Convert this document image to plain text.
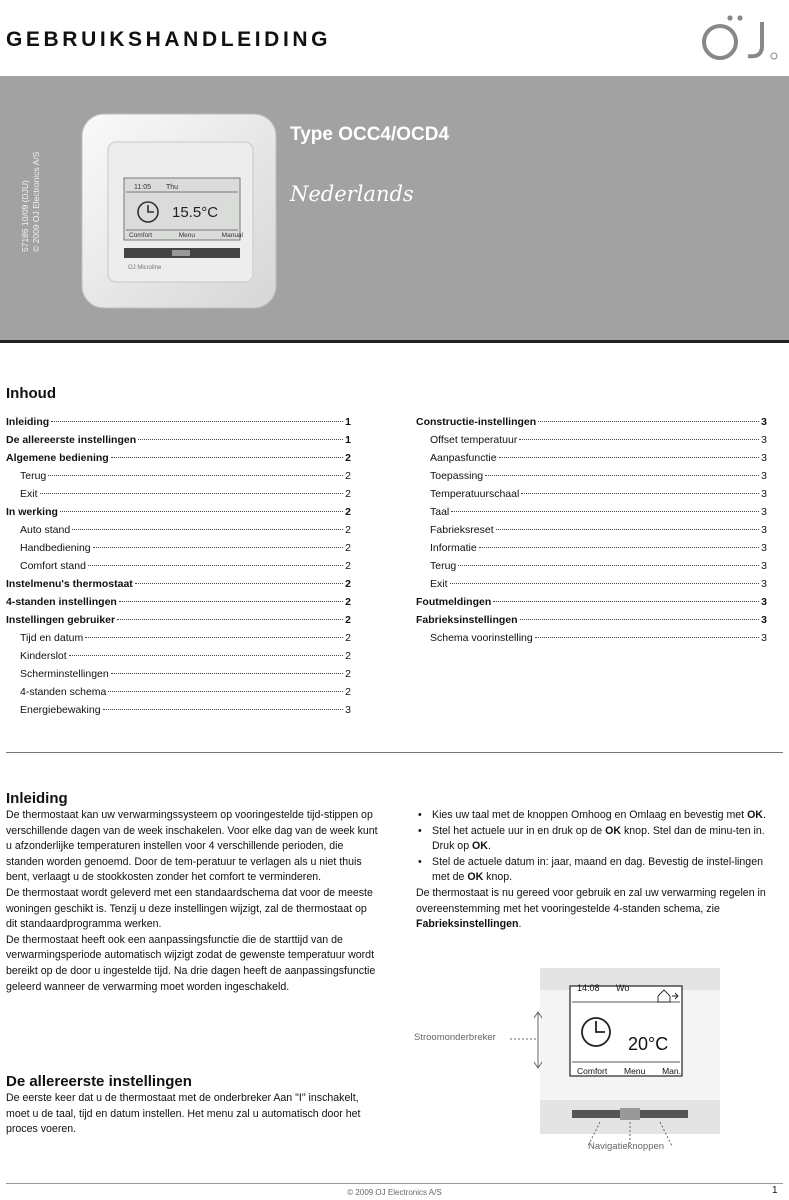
GEBRUIKSHANDLEIDING
57186 10/09 (DJU) © 2009 OJ Electronics A/S	11:05 Thu
15.5°C
Comfort	Menu	Manual
OJ Microline
Type OCC4/OCD4
Nederlands
Inhoud
Inleiding	1
De allereerste instellingen	1
Algemene bediening	2
Terug	2
Exit	2
In werking	2
Auto stand	2
Handbediening	2
Comfort stand	2
Instelmenu's thermostaat	2
4-standen instellingen	2
Instellingen gebruiker	2
Tijd en datum	2
Kinderslot	2
Scherminstellingen	2
4-standen schema	2
Energiebewaking	3
Constructie-instellingen	3
Offset temperatuur	3
Aanpasfunctie	3
Toepassing	3
Temperatuurschaal	3
Taal	3
Fabrieksreset	3
Informatie	3
Terug	3
Exit	3
Foutmeldingen	3
Fabrieksinstellingen	3
Schema voorinstelling	3
Inleiding

De thermostaat kan uw verwarmingssysteem op vooringestelde tijd-stippen op verschillende dagen van de week inschakelen. Voor elke dag van de week kunt u afzonderlijke temperaturen instellen voor 4 verschillende perioden, die standen worden genoemd. Door de tem-peratuur te verlagen als u niet thuis bent, verlaagt u de stookkosten zonder het comfort te verminderen.

De thermostaat wordt geleverd met een standaardschema dat voor de meeste woningen geschikt is. Tenzij u deze instellingen wijzigt, zal de thermostaat op dit standaardprogramma werken.

De thermostaat heeft ook een aanpassingsfunctie die de starttijd van de verwarmingsperiode automatisch wijzigt zodat de gewenste temperatuur wordt bereikt op de door u ingestelde tijd. Na drie dagen heeft de aanpassingsfunctie geleerd wanneer de verwarming moet worden ingeschakeld.

De allereerste instellingen

De eerste keer dat u de thermostaat met de onderbreker Aan "I" inschakelt, moet u de taal, tijd en datum instellen. Het menu zal u automatisch door het proces voeren.

• Kies uw taal met de knoppen Omhoog en Omlaag en bevestig met OK.
• Stel het actuele uur in en druk op de OK knop. Stel dan de minu-ten in. Druk op OK.
• Stel de actuele datum in: jaar, maand en dag. Bevestig de instel-lingen met de OK knop.
De thermostaat is nu gereed voor gebruik en zal uw verwarming regelen in overeenstemming met het vooringestelde 4-standen schema, zie Fabrieksinstellingen.
14:08 Wo
20°C
Comfort Menu Man.
Stroomonderbreker
Navigatieknoppen
© 2009 OJ Electronics A/S	1
